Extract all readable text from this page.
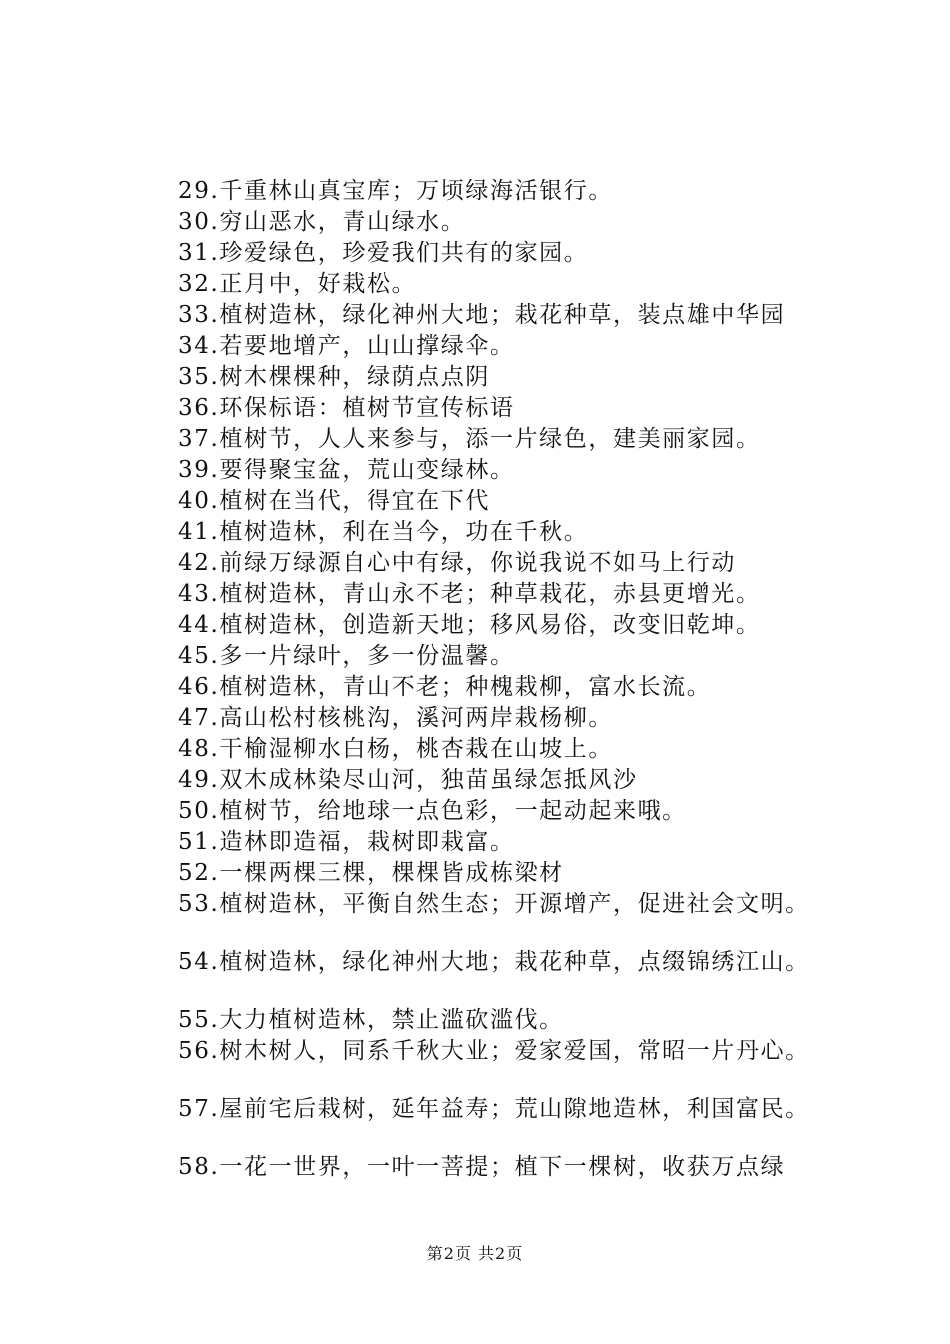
29.千重林山真宝库；万顷绿海活银行。
30.穷山恶水，青山绿水。
31.珍爱绿色，珍爱我们共有的家园。
32.正月中，好栽松。
33.植树造林，绿化神州大地；栽花种草，装点雄中华园
34.若要地增产，山山撑绿伞。
35.树木棵棵种，绿荫点点阴
36.环保标语：植树节宣传标语
37.植树节，人人来参与，添一片绿色，建美丽家园。
39.要得聚宝盆，荒山变绿林。
40.植树在当代，得宜在下代
41.植树造林，利在当今，功在千秋。
42.前绿万绿源自心中有绿，你说我说不如马上行动
43.植树造林，青山永不老；种草栽花，赤县更增光。
44.植树造林，创造新天地；移风易俗，改变旧乾坤。
45.多一片绿叶，多一份温馨。
46.植树造林，青山不老；种槐栽柳，富水长流。
47.高山松村核桃沟，溪河两岸栽杨柳。
48.干榆湿柳水白杨，桃杏栽在山坡上。
49.双木成林染尽山河，独苗虽绿怎抵风沙
50.植树节，给地球一点色彩，一起动起来哦。
51.造林即造福，栽树即栽富。
52.一棵两棵三棵，棵棵皆成栋梁材
53.植树造林，平衡自然生态；开源增产，促进社会文明。
54.植树造林，绿化神州大地；栽花种草，点缀锦绣江山。
55.大力植树造林，禁止滥砍滥伐。
56.树木树人，同系千秋大业；爱家爱国，常昭一片丹心。
57.屋前宅后栽树，延年益寿；荒山隙地造林，利国富民。
58.一花一世界，一叶一菩提；植下一棵树，收获万点绿
第2页 共2页
